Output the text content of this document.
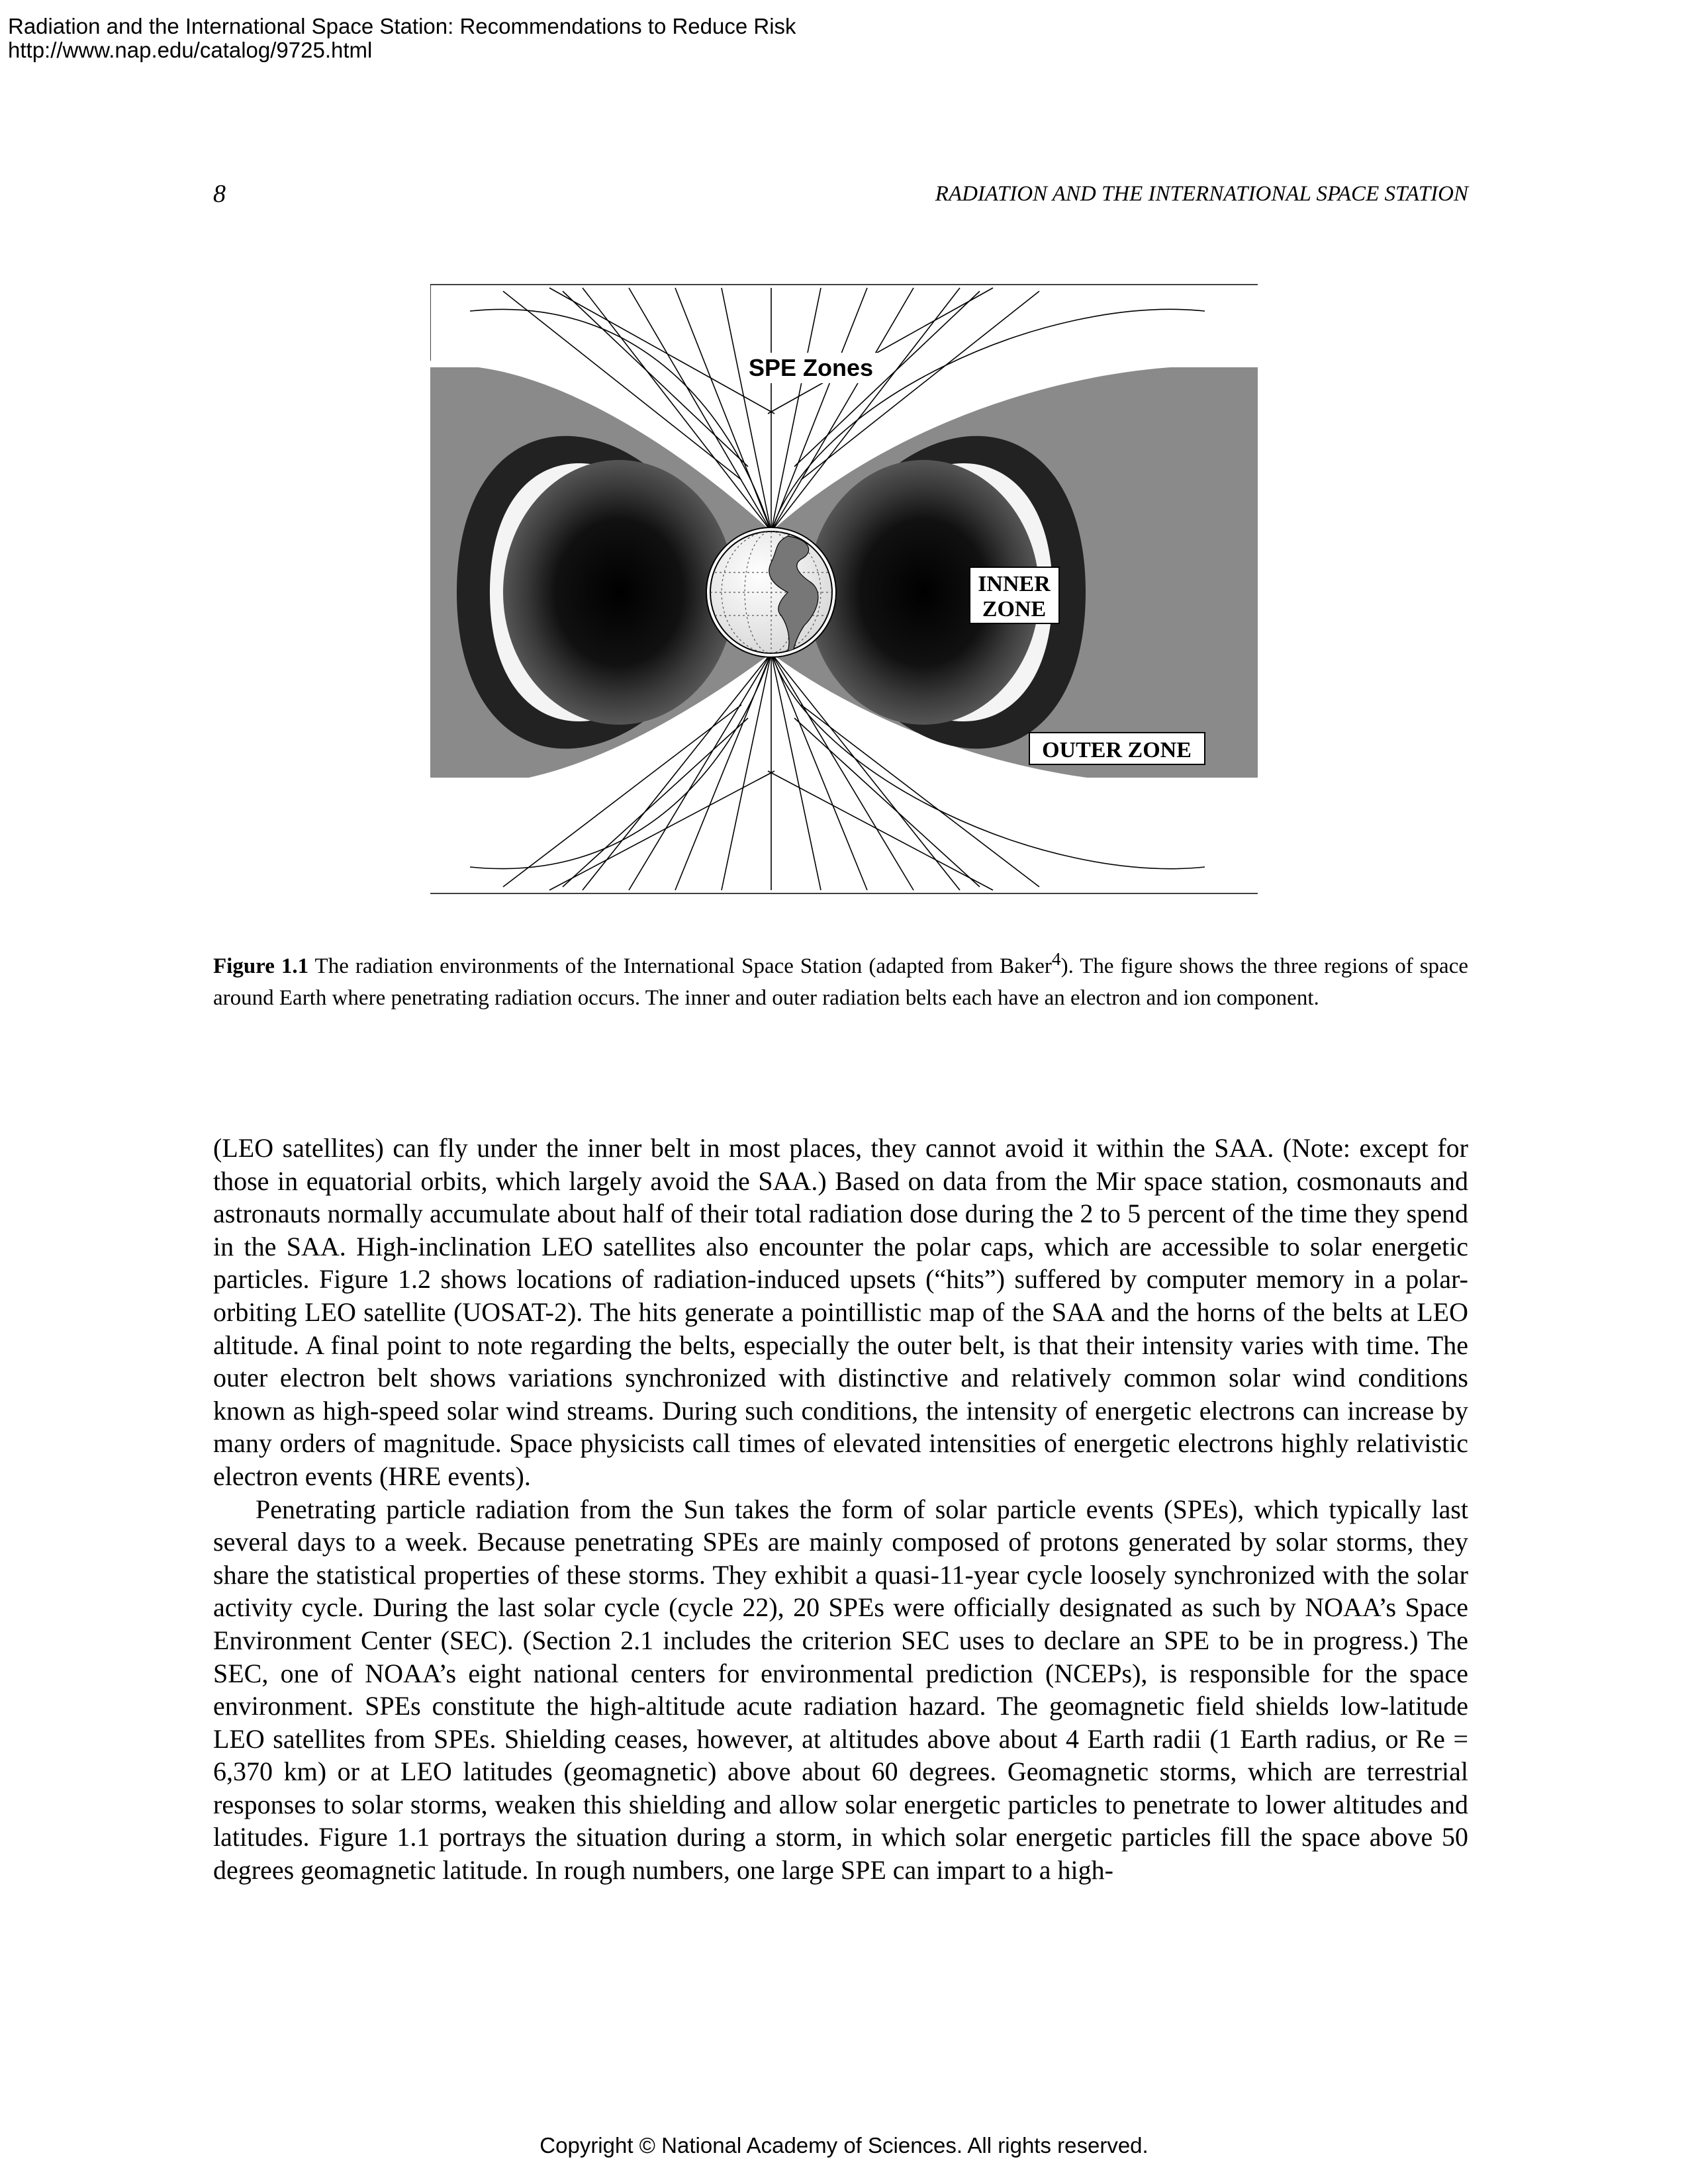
Radiation and the International Space Station: Recommendations to Reduce Risk
http://www.nap.edu/catalog/9725.html
8	RADIATION AND THE INTERNATIONAL SPACE STATION
SPE Zones
INNER
ZONE
OUTER ZONE
Figure 1.1 The radiation environments of the International Space Station (adapted from Baker$^4$). The figure shows the three regions of space around Earth where penetrating radiation occurs. The inner and outer radiation belts each have an electron and ion component.

(LEO satellites) can fly under the inner belt in most places, they cannot avoid it within the SAA. (Note: except for those in equatorial orbits, which largely avoid the SAA.) Based on data from the Mir space station, cosmonauts and astronauts normally accumulate about half of their total radiation dose during the 2 to 5 percent of the time they spend in the SAA. High-inclination LEO satellites also encounter the polar caps, which are accessible to solar energetic particles. Figure 1.2 shows locations of radiation-induced upsets (“hits”) suffered by computer memory in a polar-orbiting LEO satellite (UOSAT-2). The hits generate a pointillistic map of the SAA and the horns of the belts at LEO altitude. A final point to note regarding the belts, especially the outer belt, is that their intensity varies with time. The outer electron belt shows variations synchronized with distinctive and relatively common solar wind conditions known as high-speed solar wind streams. During such conditions, the intensity of energetic electrons can increase by many orders of magnitude. Space physicists call times of elevated intensities of energetic electrons highly relativistic electron events (HRE events).

Penetrating particle radiation from the Sun takes the form of solar particle events (SPEs), which typically last several days to a week. Because penetrating SPEs are mainly composed of protons generated by solar storms, they share the statistical properties of these storms. They exhibit a quasi-11-year cycle loosely synchronized with the solar activity cycle. During the last solar cycle (cycle 22), 20 SPEs were officially designated as such by NOAA’s Space Environment Center (SEC). (Section 2.1 includes the criterion SEC uses to declare an SPE to be in progress.) The SEC, one of NOAA’s eight national centers for environmental prediction (NCEPs), is responsible for the space environment. SPEs constitute the high-altitude acute radiation hazard. The geomagnetic field shields low-latitude LEO satellites from SPEs. Shielding ceases, however, at altitudes above about 4 Earth radii (1 Earth radius, or Re = 6,370 km) or at LEO latitudes (geomagnetic) above about 60 degrees. Geomagnetic storms, which are terrestrial responses to solar storms, weaken this shielding and allow solar energetic particles to penetrate to lower altitudes and latitudes. Figure 1.1 portrays the situation during a storm, in which solar energetic particles fill the space above 50 degrees geomagnetic latitude. In rough numbers, one large SPE can impart to a high-

Copyright © National Academy of Sciences. All rights reserved.
